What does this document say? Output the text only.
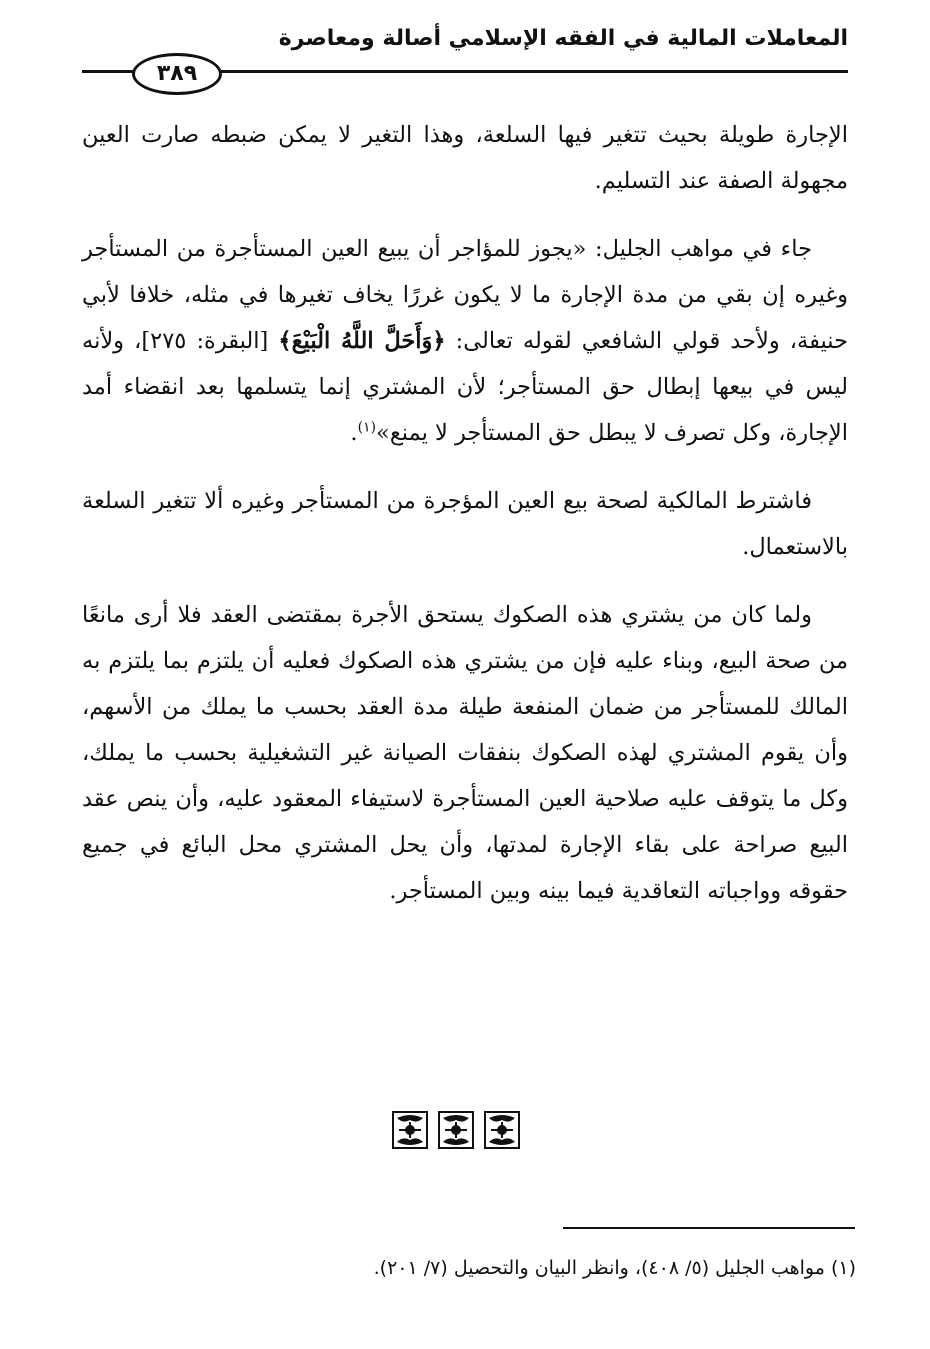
المعاملات المالية في الفقه الإسلامي أصالة ومعاصرة
٣٨٩

الإجارة طويلة بحيث تتغير فيها السلعة، وهذا التغير لا يمكن ضبطه صارت العين مجهولة الصفة عند التسليم.

جاء في مواهب الجليل: «يجوز للمؤاجر أن يبيع العين المستأجرة من المستأجر وغيره إن بقي من مدة الإجارة ما لا يكون غررًا يخاف تغيرها في مثله، خلافا لأبي حنيفة، ولأحد قولي الشافعي لقوله تعالى: ﴿وَأَحَلَّ اللَّهُ الْبَيْعَ﴾ [البقرة: ٢٧٥]، ولأنه ليس في بيعها إبطال حق المستأجر؛ لأن المشتري إنما يتسلمها بعد انقضاء أمد الإجارة، وكل تصرف لا يبطل حق المستأجر لا يمنع»$^{(١)}$.

فاشترط المالكية لصحة بيع العين المؤجرة من المستأجر وغيره ألا تتغير السلعة بالاستعمال.

ولما كان من يشتري هذه الصكوك يستحق الأجرة بمقتضى العقد فلا أرى مانعًا من صحة البيع، وبناء عليه فإن من يشتري هذه الصكوك فعليه أن يلتزم بما يلتزم به المالك للمستأجر من ضمان المنفعة طيلة مدة العقد بحسب ما يملك من الأسهم، وأن يقوم المشتري لهذه الصكوك بنفقات الصيانة غير التشغيلية بحسب ما يملك، وكل ما يتوقف عليه صلاحية العين المستأجرة لاستيفاء المعقود عليه، وأن ينص عقد البيع صراحة على بقاء الإجارة لمدتها، وأن يحل المشتري محل البائع في جميع حقوقه وواجباته التعاقدية فيما بينه وبين المستأجر.

(١) مواهب الجليل (٥/ ٤٠٨)، وانظر البيان والتحصيل (٧/ ٢٠١).
